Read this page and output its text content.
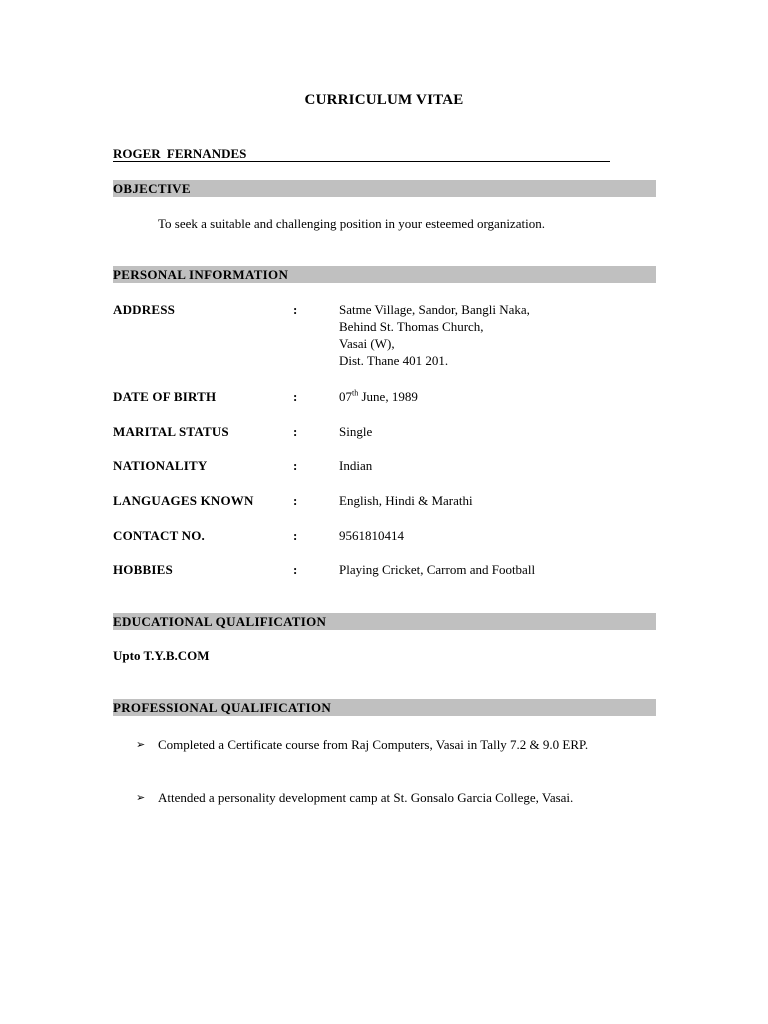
CURRICULUM VITAE
ROGER FERNANDES
OBJECTIVE
To seek a suitable and challenging position in your esteemed organization.
PERSONAL INFORMATION
ADDRESS	:	Satme Village, Sandor, Bangli Naka,
Behind St. Thomas Church,
Vasai (W),
Dist. Thane 401 201.
DATE OF BIRTH	:	07th June, 1989
MARITAL STATUS	:	Single
NATIONALITY	:	Indian
LANGUAGES KNOWN	:	English, Hindi & Marathi
CONTACT NO.	:	9561810414
HOBBIES	:	Playing Cricket, Carrom and Football
EDUCATIONAL QUALIFICATION
Upto T.Y.B.COM
PROFESSIONAL QUALIFICATION
➢ Completed a Certificate course from Raj Computers, Vasai in Tally 7.2 & 9.0 ERP.
➢ Attended a personality development camp at St. Gonsalo Garcia College, Vasai.
